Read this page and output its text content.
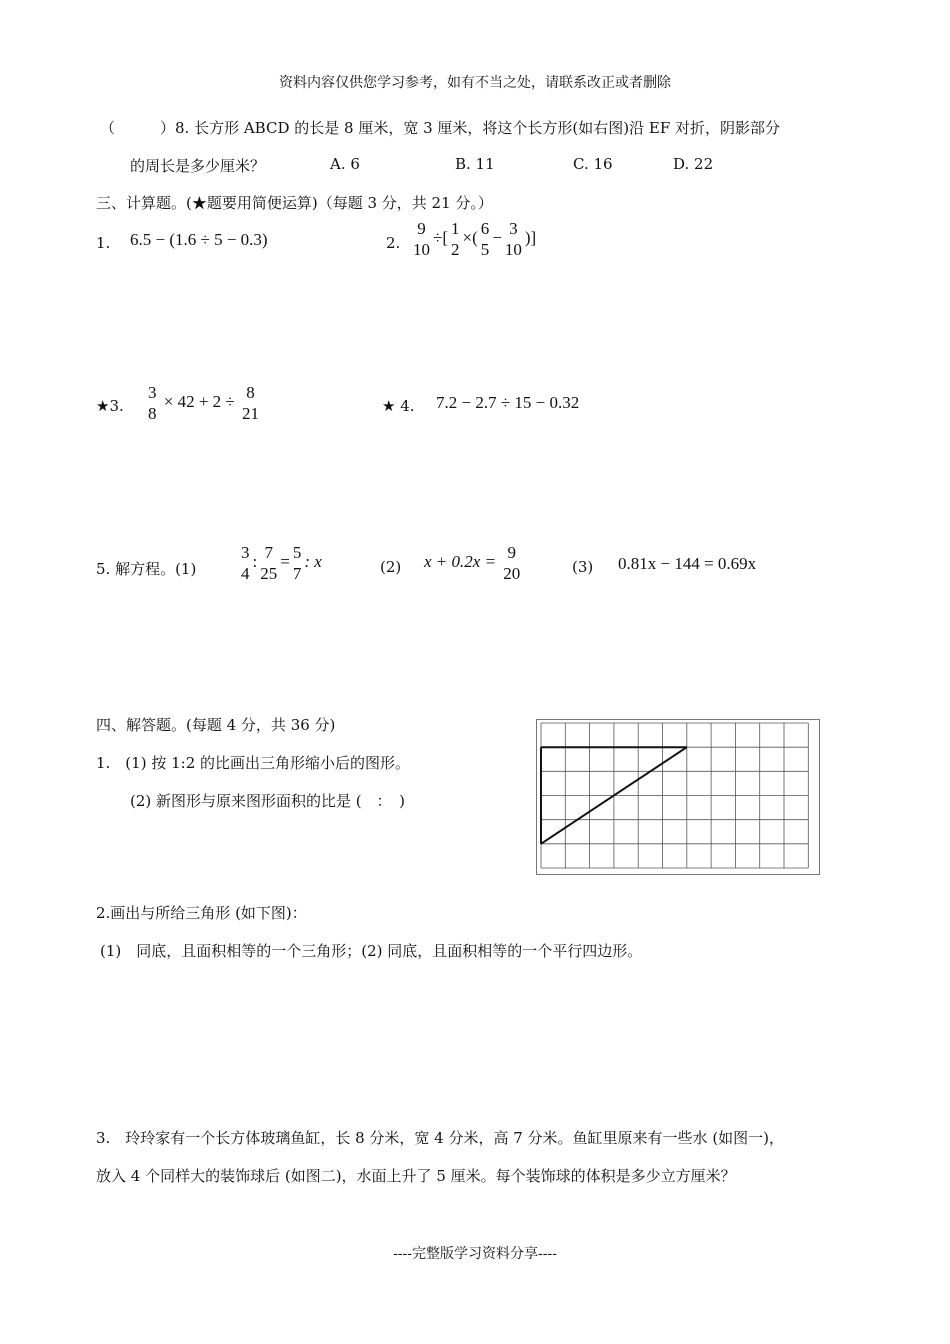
资料内容仅供您学习参考，如有不当之处，请联系改正或者删除
（　　　）8. 长方形 ABCD 的长是 8 厘米，宽 3 厘米，将这个长方形(如右图)沿 EF 对折，阴影部分
的周长是多少厘米？	A. 6	B. 11	C. 16	D. 22
三、计算题。(★题要用简便运算)（每题 3 分，共 21 分。）
1. 6.5 − (1.6 ÷ 5 − 0.3)	2.
9
10
÷[ 1
2
×( 6
5
− 3
10
)]
★3.
3
8
× 42 + 2 ÷ 8
21	★ 4. 7.2 − 2.7 ÷ 15 − 0.32
5. 解方程。(1)
3
4
: 7
25
= 5
7
: x	(2) x + 0.2x = 9
20	(3) 0.81x − 144 = 0.69x
四、解答题。(每题 4 分，共 36 分)
1.　(1) 按 1:2 的比画出三角形缩小后的图形。
(2) 新图形与原来图形面积的比是 (　：　)
2.画出与所给三角形 (如下图)：
(1)　同底，且面积相等的一个三角形；(2) 同底，且面积相等的一个平行四边形。
3.　玲玲家有一个长方体玻璃鱼缸，长 8 分米，宽 4 分米，高 7 分米。鱼缸里原来有一些水 (如图一)，
放入 4 个同样大的装饰球后 (如图二)，水面上升了 5 厘米。每个装饰球的体积是多少立方厘米？
----完整版学习资料分享----
